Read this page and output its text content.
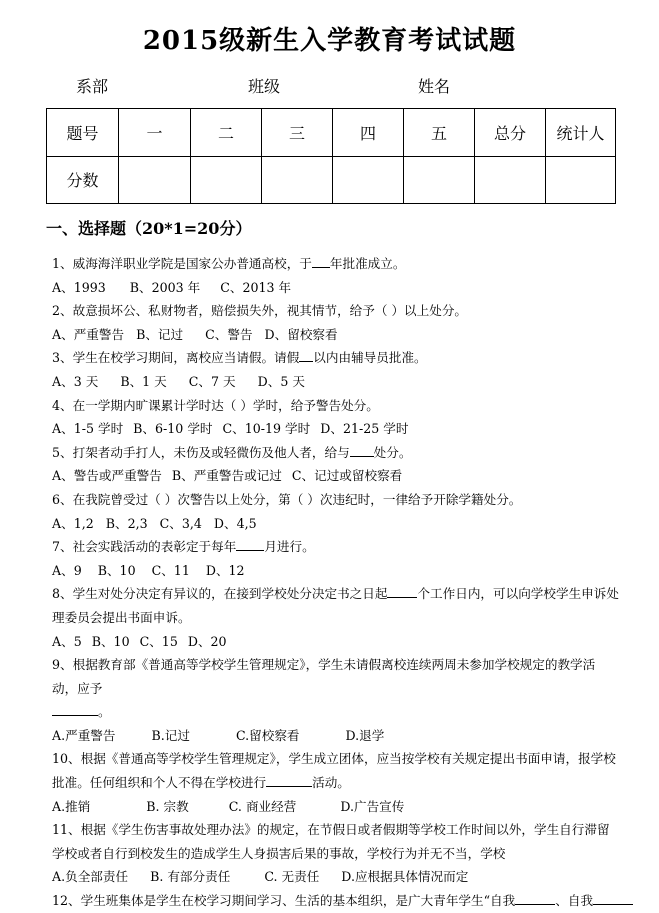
2015级新生入学教育考试试题
系部	班级	姓名
题号	一	二	三	四	五	总分	统计人
分数							
一、选择题（20*1=20分）

1、威海海洋职业学院是国家公办普通高校，于 年批准成立。

A、1993 B、2003 年 C、2013 年

2、故意损坏公、私财物者，赔偿损失外，视其情节，给予（ ）以上处分。

A、严重警告 B、记过 C、警告 D、留校察看

3、学生在校学习期间，离校应当请假。请假 以内由辅导员批准。

A、3 天 B、1 天 C、7 天 D、5 天

4、在一学期内旷课累计学时达（ ）学时，给予警告处分。

A、1-5 学时 B、6-10 学时 C、10-19 学时 D、21-25 学时

5、打架者动手打人，未伤及或轻微伤及他人者，给与 处分。

A、警告或严重警告 B、严重警告或记过 C、记过或留校察看

6、在我院曾受过（ ）次警告以上处分，第（ ）次违纪时，一律给予开除学籍处分。

A、1,2 B、2,3 C、3,4 D、4,5

7、社会实践活动的表彰定于每年 月进行。

A、9 B、10 C、11 D、12

8、学生对处分决定有异议的，在接到学校处分决定书之日起 个工作日内，可以向学校学生申诉处理委员会提出书面申诉。

A、5 B、10 C、15 D、20

9、根据教育部《普通高等学校学生管理规定》，学生未请假离校连续两周未参加学校规定的教学活动，应予
。

A.严重警告	B.记过	C.留校察看	D.退学

10、根据《普通高等学校学生管理规定》，学生成立团体，应当按学校有关规定提出书面申请，报学校批准。任何组织和个人不得在学校进行	活动。

A.推销	B. 宗教	C. 商业经营	D.广告宣传

11、根据《学生伤害事故处理办法》的规定，在节假日或者假期等学校工作时间以外，学生自行滞留学校或者自行到校发生的造成学生人身损害后果的事故，学校行为并无不当，学校

A.负全部责任 B. 有部分责任	C. 无责任 D.应根据具体情况而定

12、学生班集体是学生在校学习期间学习、生活的基本组织，是广大青年学生“自我	、自我
